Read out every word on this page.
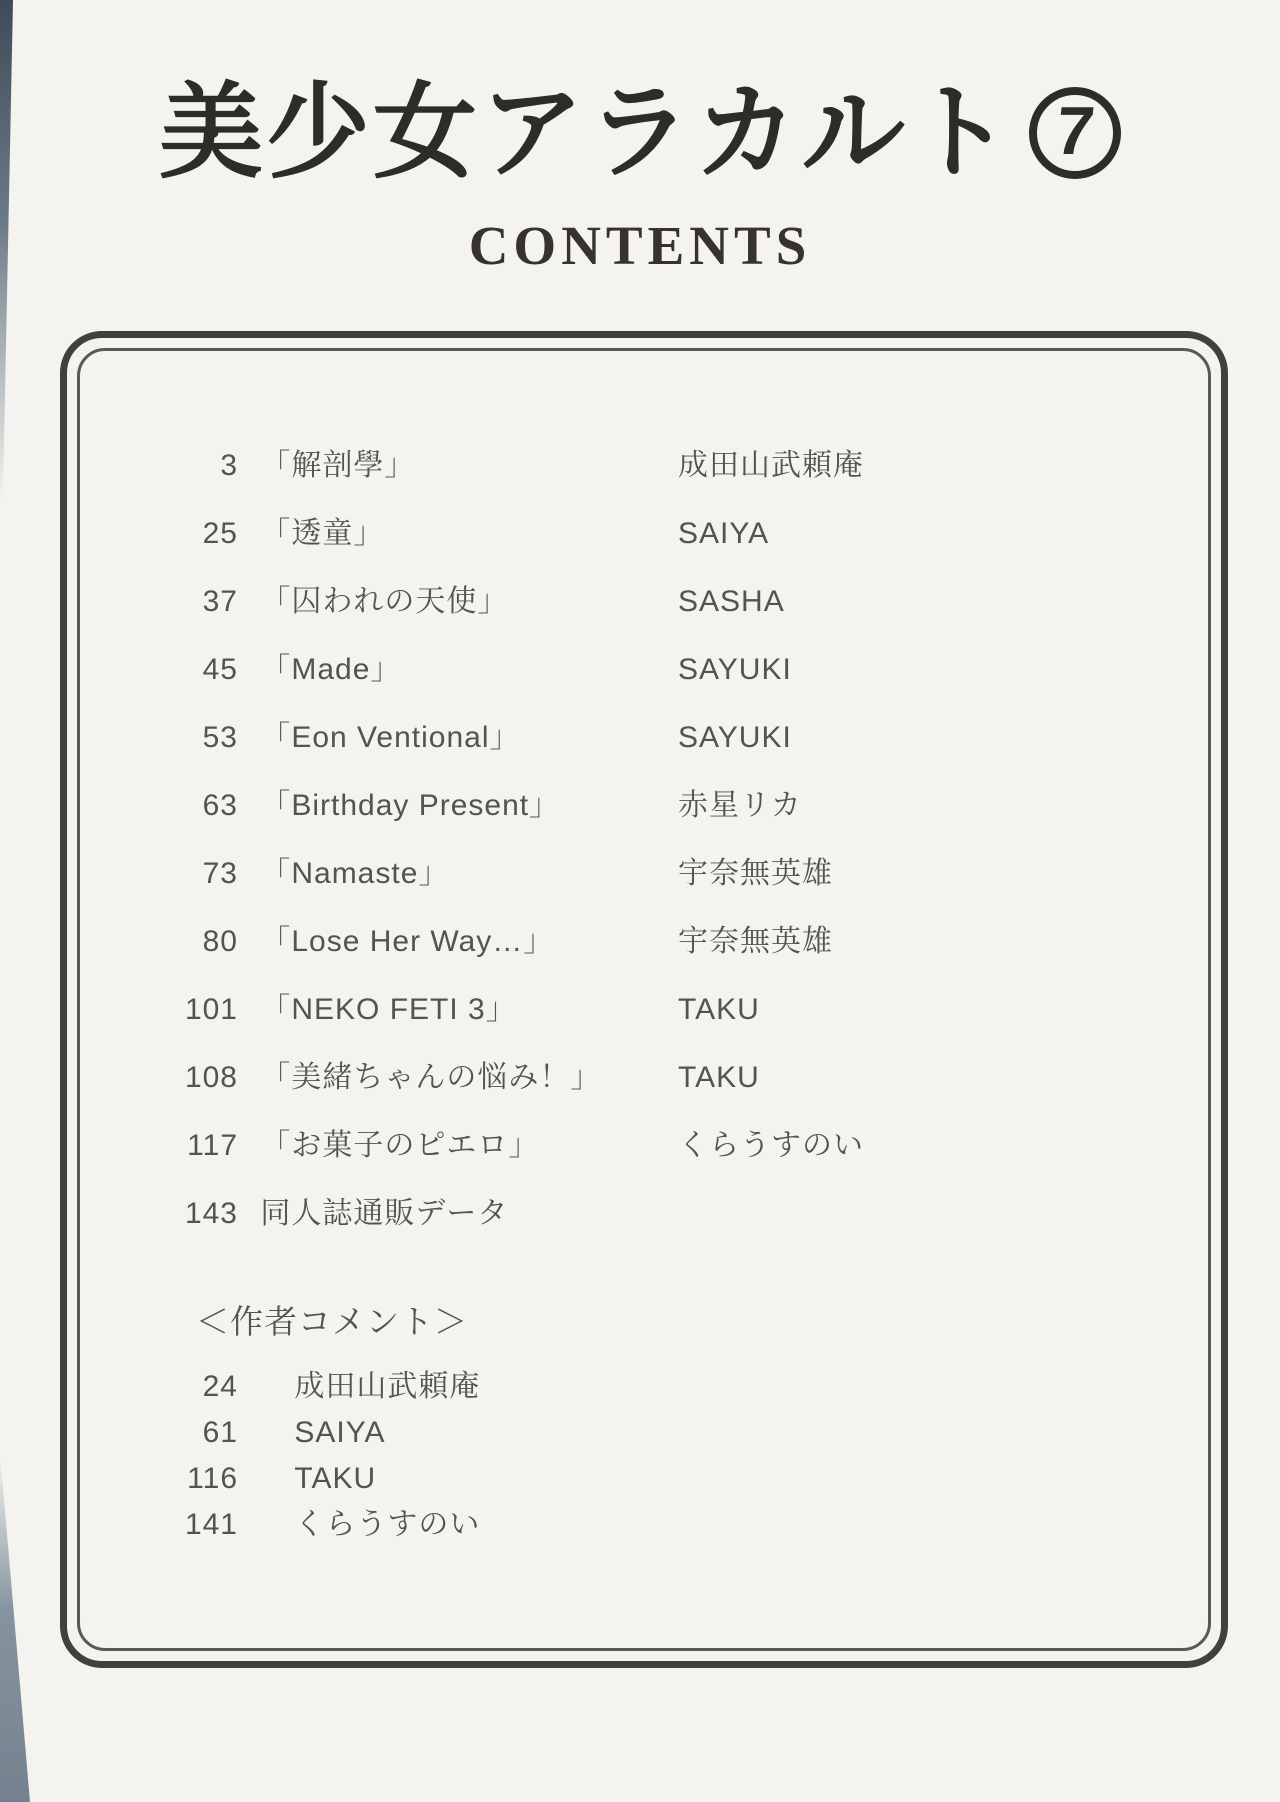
美少女アラカルト 7
CONTENTS
3 「解剖學」	成田山武頼庵
25 「透童」	SAIYA
37 「囚われの天使」	SASHA
45 「Made」	SAYUKI
53 「Eon Ventional」	SAYUKI
63 「Birthday Present」	赤星リカ
73 「Namaste」	宇奈無英雄
80 「Lose Her Way…」	宇奈無英雄
101 「NEKO FETI 3」	TAKU
108 「美緒ちゃんの悩み！」	TAKU
117 「お菓子のピエロ」	くらうすのい
143 同人誌通販データ
＜作者コメント＞
24 成田山武頼庵
61 SAIYA
116 TAKU
141 くらうすのい
